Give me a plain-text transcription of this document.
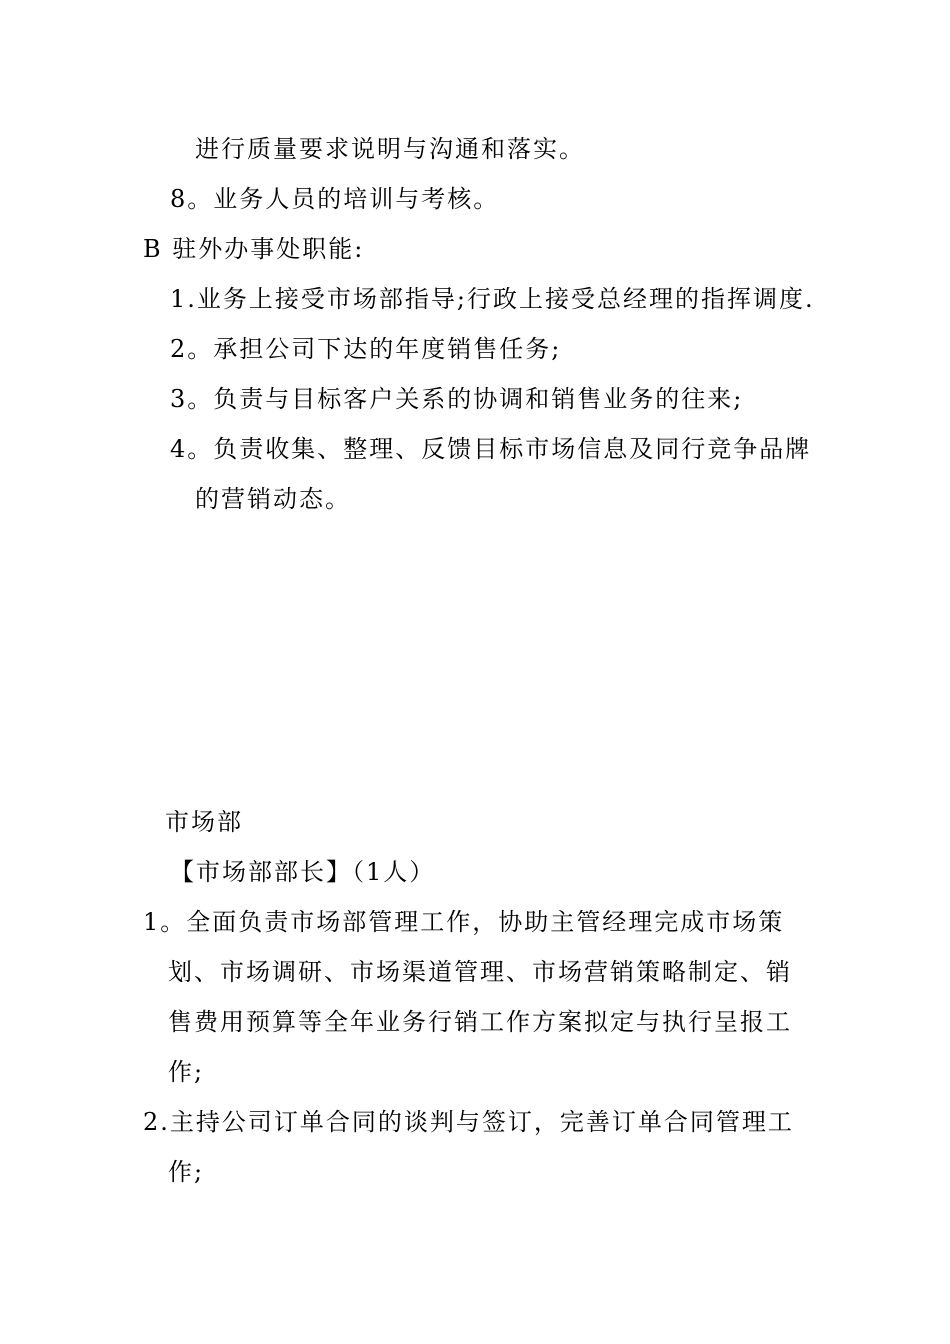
进行质量要求说明与沟通和落实。
8。业务人员的培训与考核。
B 驻外办事处职能:
1.业务上接受市场部指导;行政上接受总经理的指挥调度.
2。承担公司下达的年度销售任务;
3。负责与目标客户关系的协调和销售业务的往来;
4。负责收集、整理、反馈目标市场信息及同行竞争品牌
的营销动态。
市场部
【市场部部长】（1人）
1。全面负责市场部管理工作，协助主管经理完成市场策
划、市场调研、市场渠道管理、市场营销策略制定、销
售费用预算等全年业务行销工作方案拟定与执行呈报工
作;
2.主持公司订单合同的谈判与签订，完善订单合同管理工
作;
